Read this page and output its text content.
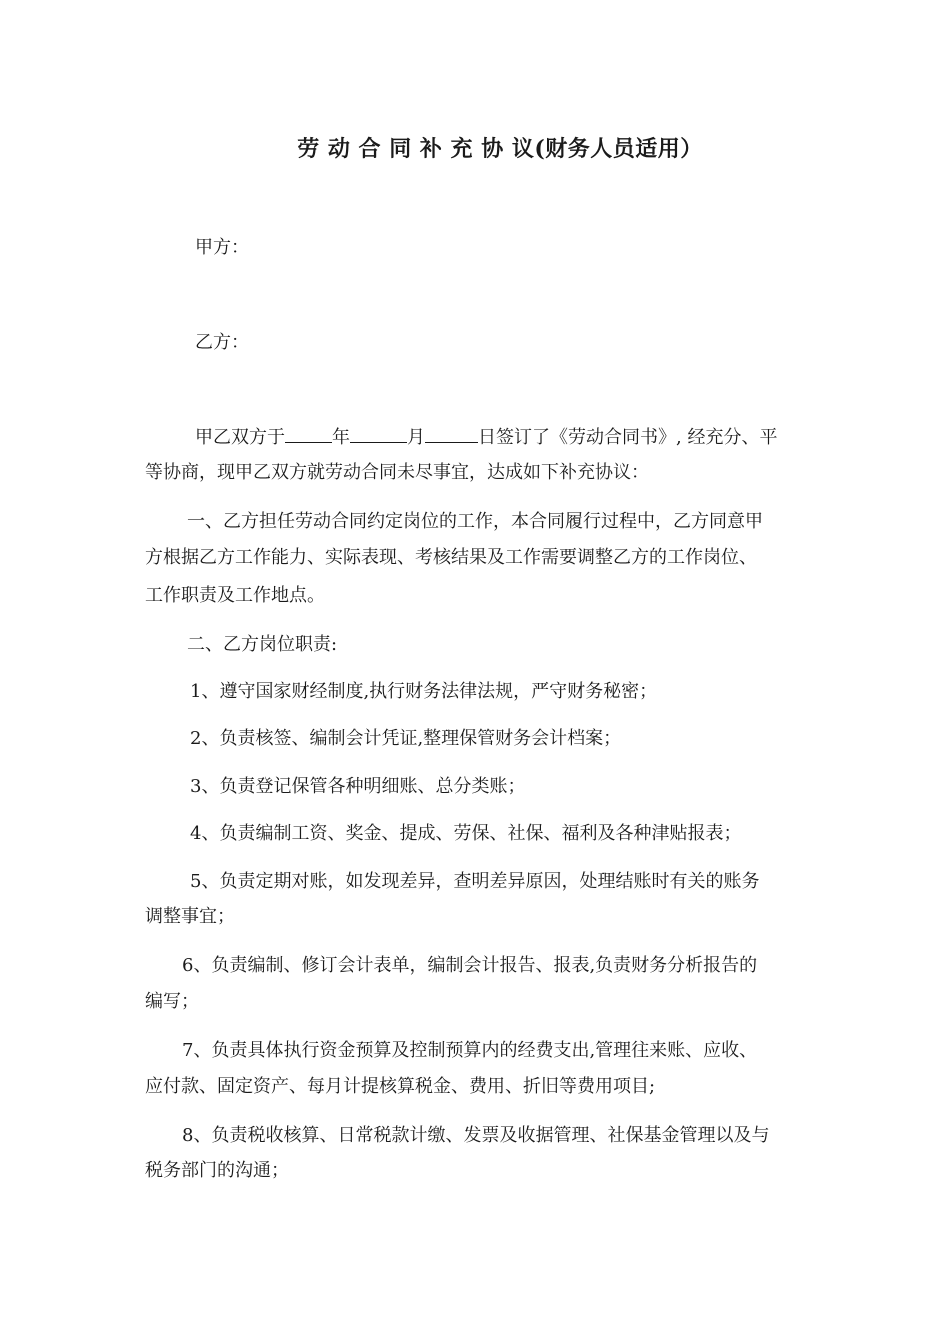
劳 动 合 同 补 充 协 议(财务人员适用）
甲方：
乙方：
甲乙双方于	年	月	日签订了《劳动合同书》, 经充分、平
等协商，现甲乙双方就劳动合同未尽事宜，达成如下补充协议：
一、乙方担任劳动合同约定岗位的工作，本合同履行过程中，乙方同意甲
方根据乙方工作能力、实际表现、考核结果及工作需要调整乙方的工作岗位、
工作职责及工作地点。
二、乙方岗位职责:
1、遵守国家财经制度,执行财务法律法规，严守财务秘密；
2、负责核签、编制会计凭证,整理保管财务会计档案；
3、负责登记保管各种明细账、总分类账；
4、负责编制工资、奖金、提成、劳保、社保、福利及各种津贴报表；
5、负责定期对账，如发现差异，查明差异原因，处理结账时有关的账务
调整事宜；
6、负责编制、修订会计表单，编制会计报告、报表,负责财务分析报告的
编写；
7、负责具体执行资金预算及控制预算内的经费支出,管理往来账、应收、
应付款、固定资产、每月计提核算税金、费用、折旧等费用项目;
8、负责税收核算、日常税款计缴、发票及收据管理、社保基金管理以及与
税务部门的沟通；
